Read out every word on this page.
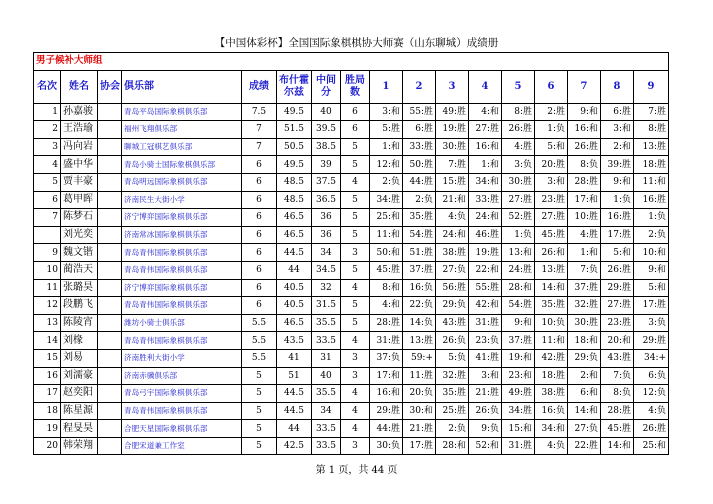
【中国体彩杯】全国国际象棋棋协大师赛（山东聊城）成绩册
男子候补大师组																
名次	姓名	协会	俱乐部	成绩	布什霍尔兹	中间分	胜局数	1	2	3	4	5	6	7	8	9
1	孙嘉骏		青岛平岛国际象棋俱乐部	7.5	49.5	40	6	3:和	55:胜	49:胜	4:和	8:胜	2:胜	9:和	6:胜	7:胜
2	王浩瑜		福州飞翔俱乐部	7	51.5	39.5	6	5:胜	6:胜	19:胜	27:胜	26:胜	1:负	16:和	3:和	8:胜
3	冯向岩		聊城工冠棋艺俱乐部	7	50.5	38.5	5	1:和	33:胜	30:胜	16:和	4:胜	5:和	26:胜	2:和	13:胜
4	盛中华		青岛小骑士国际象棋俱乐部	6	49.5	39	5	12:和	50:胜	7:胜	1:和	3:负	20:胜	8:负	39:胜	18:胜
5	贾丰豪		青岛明远国际象棋俱乐部	6	48.5	37.5	4	2:负	44:胜	15:胜	34:和	30:胜	3:和	28:胜	9:和	11:和
6	葛甲晖		济南民生大街小学	6	48.5	36.5	5	34:胜	2:负	21:和	33:胜	27:胜	23:胜	17:和	1:负	16:胜
7	陈梦石		济宁博弈国际象棋俱乐部	6	46.5	36	5	25:和	35:胜	4:负	24:和	52:胜	27:胜	10:胜	16:胜	1:负
	刘光奕		济南常冰国际象棋俱乐部	6	46.5	36	5	11:和	54:胜	24:和	46:胜	1:负	45:胜	4:胜	17:胜	2:负
9	魏文锴		青岛青伟国际象棋俱乐部	6	44.5	34	3	50:和	51:胜	38:胜	19:胜	13:和	26:和	1:和	5:和	10:和
10	蔺浩天		青岛青伟国际象棋俱乐部	6	44	34.5	5	45:胜	37:胜	27:负	22:和	24:胜	13:胜	7:负	26:胜	9:和
11	张璐昊		济宁博弈国际象棋俱乐部	6	40.5	32	4	8:和	16:负	56:胜	55:胜	28:和	14:和	37:胜	29:胜	5:和
12	段鹏飞		青岛青伟国际象棋俱乐部	6	40.5	31.5	5	4:和	22:负	29:负	42:和	54:胜	35:胜	32:胜	27:胜	17:胜
13	陈陵宵		潍坊小骑士俱乐部	5.5	46.5	35.5	5	28:胜	14:负	43:胜	31:胜	9:和	10:负	30:胜	23:胜	3:负
14	刘椽		青岛青伟国际象棋俱乐部	5.5	43.5	33.5	4	31:胜	13:胜	26:负	23:负	37:胜	11:和	18:和	20:和	29:胜
15	刘易		济南胜利大街小学	5.5	41	31	3	37:负	59:+	5:负	41:胜	19:和	42:胜	29:负	43:胜	34:+
16	刘濡豪		济南赤骥俱乐部	5	51	40	3	17:和	11:胜	32:胜	3:和	23:和	18:胜	2:和	7:负	6:负
17	赵奕阳		青岛弓宇国际象棋俱乐部	5	44.5	35.5	4	16:和	20:负	35:胜	21:胜	49:胜	38:胜	6:和	8:负	12:负
18	陈星源		青岛青伟国际象棋俱乐部	5	44.5	34	4	29:胜	30:和	25:胜	26:负	34:胜	16:负	14:和	28:胜	4:负
19	程旻昊		合肥天星国际象棋俱乐部	5	44	33.5	4	44:胜	21:胜	2:负	9:负	15:和	34:和	27:负	45:胜	26:胜
20	韩荣翔		合肥宋道兼工作室	5	42.5	33.5	3	30:负	17:胜	28:和	52:和	31:胜	4:负	22:胜	14:和	25:和
第 1 页，共 44 页
